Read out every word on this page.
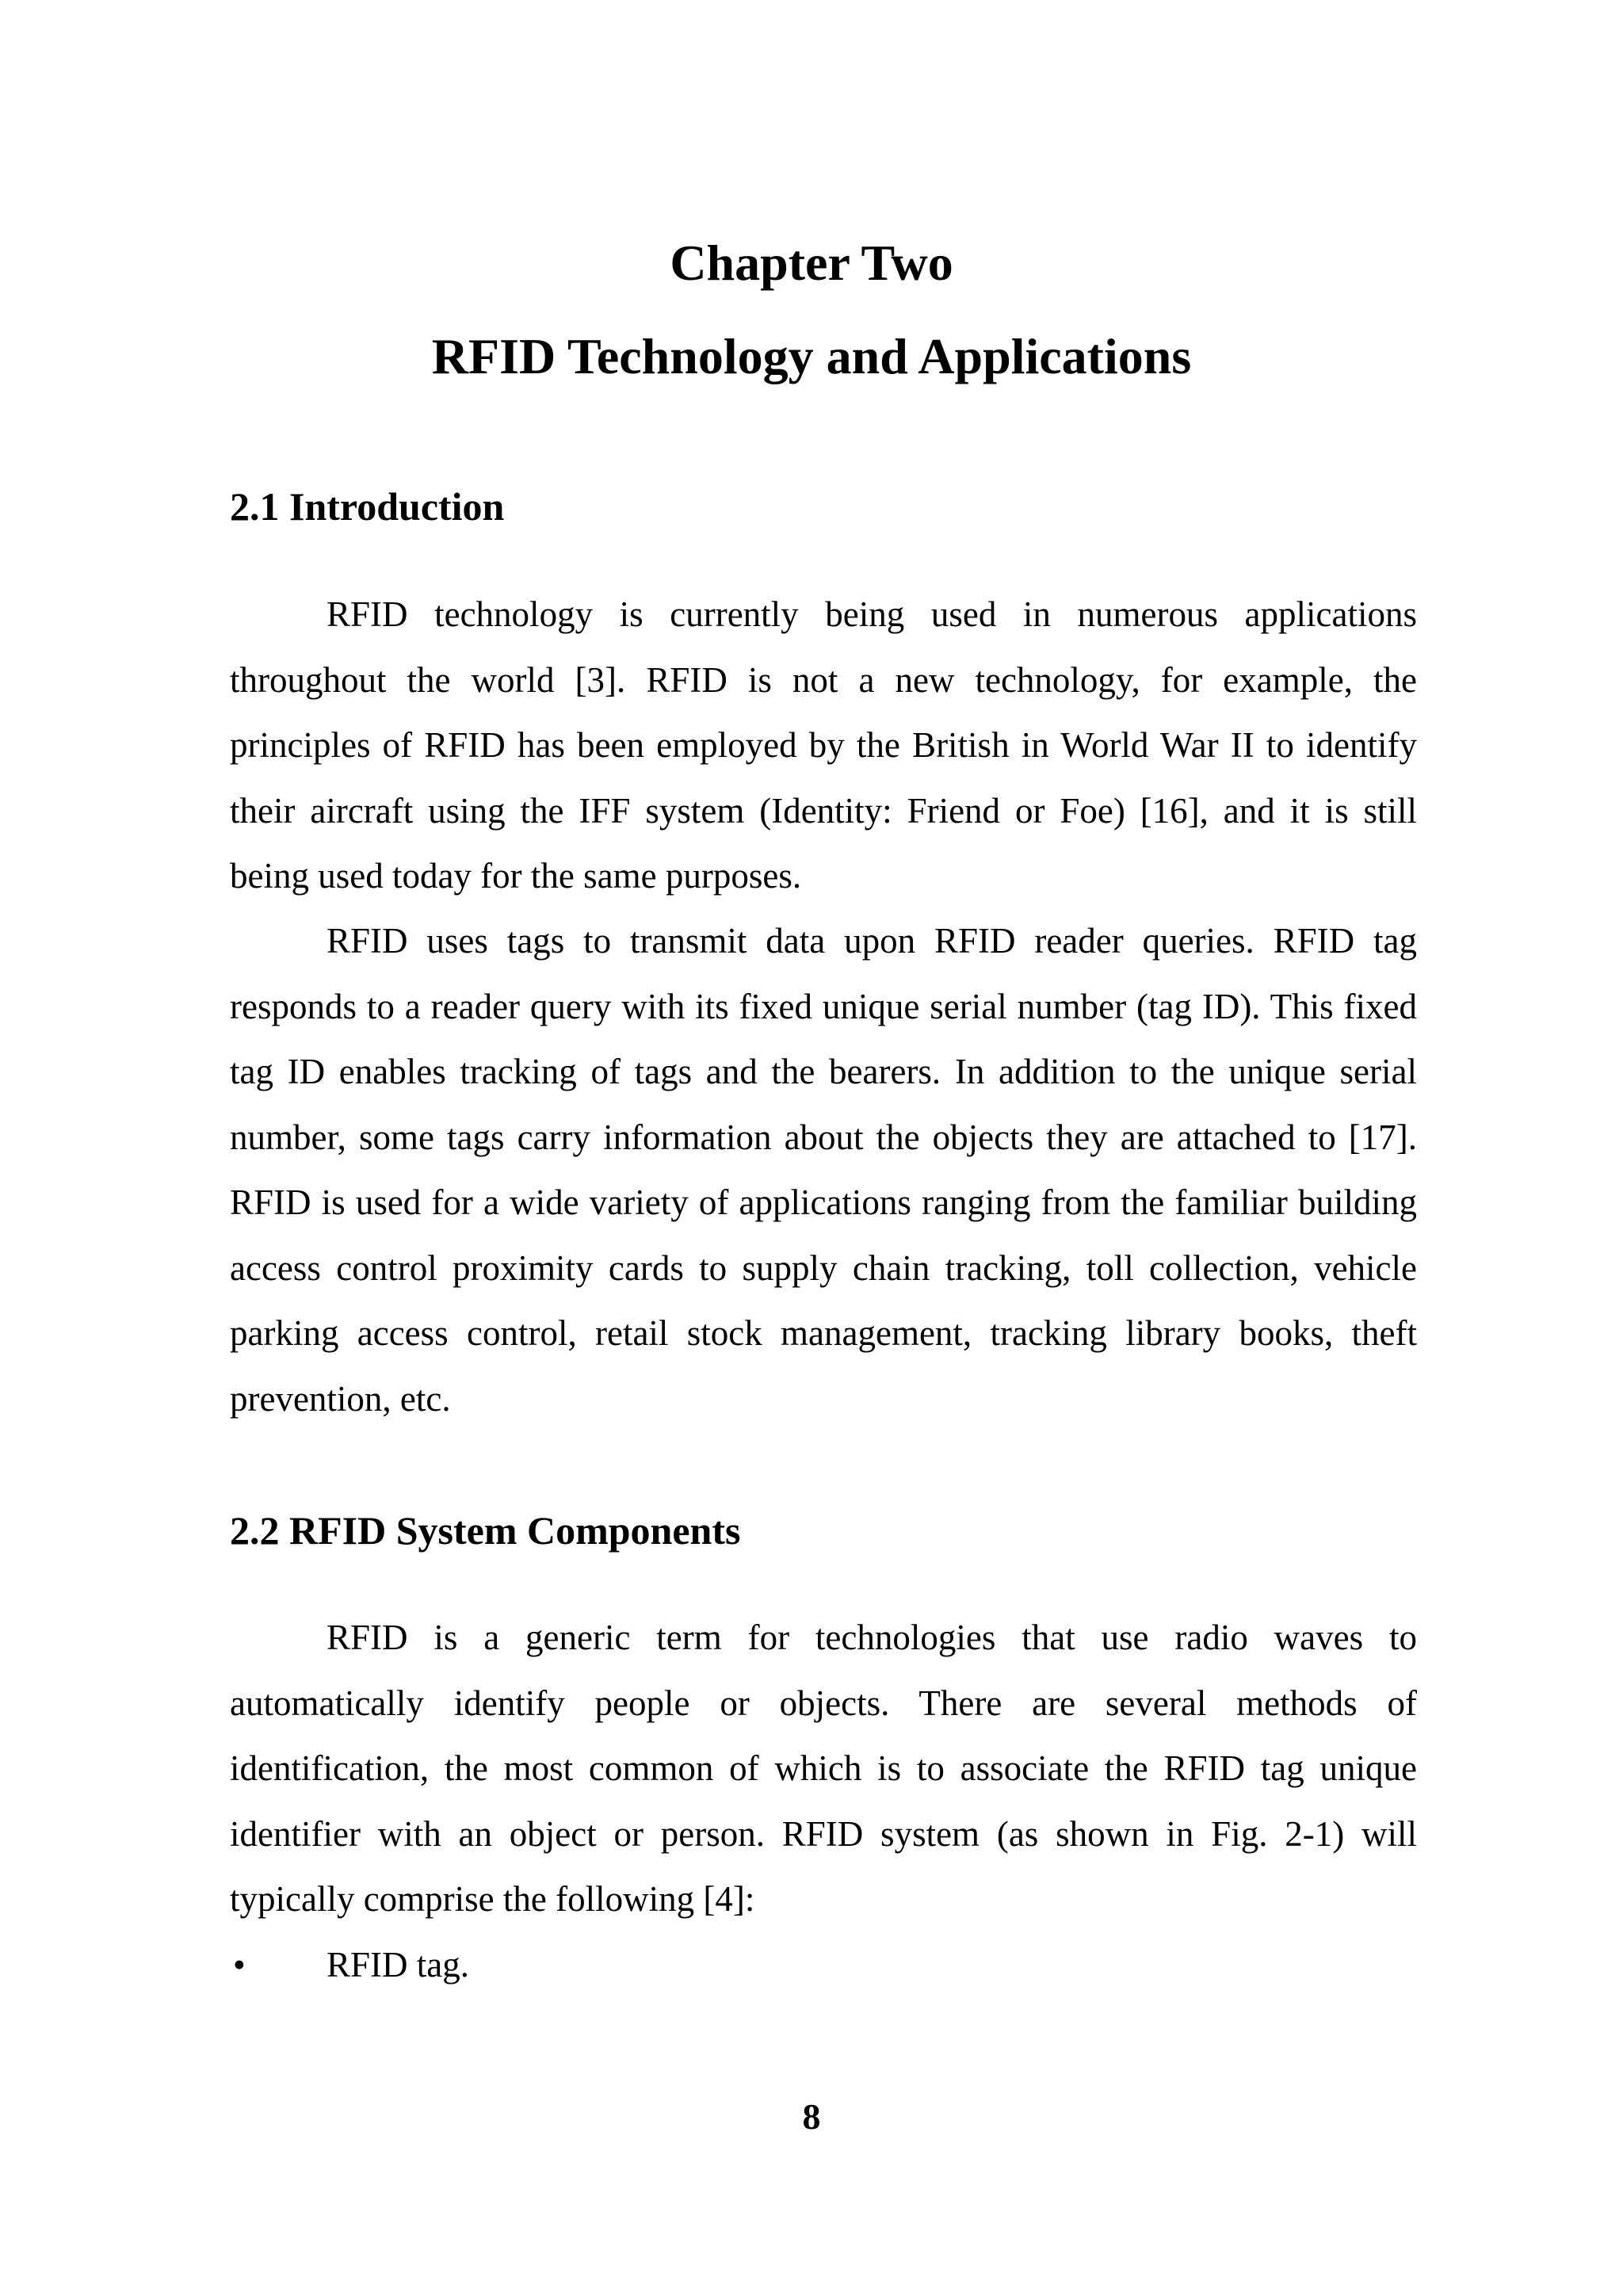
Chapter Two
RFID Technology and Applications
2.1 Introduction

RFID technology is currently being used in numerous applications throughout the world [3]. RFID is not a new technology, for example, the principles of RFID has been employed by the British in World War II to identify their aircraft using the IFF system (Identity: Friend or Foe) [16], and it is still being used today for the same purposes.

RFID uses tags to transmit data upon RFID reader queries. RFID tag responds to a reader query with its fixed unique serial number (tag ID). This fixed tag ID enables tracking of tags and the bearers. In addition to the unique serial number, some tags carry information about the objects they are attached to [17]. RFID is used for a wide variety of applications ranging from the familiar building access control proximity cards to supply chain tracking, toll collection, vehicle parking access control, retail stock management, tracking library books, theft prevention, etc.

2.2 RFID System Components

RFID is a generic term for technologies that use radio waves to automatically identify people or objects. There are several methods of identification, the most common of which is to associate the RFID tag unique identifier with an object or person. RFID system (as shown in Fig. 2-1) will typically comprise the following [4]:

• RFID tag.
8
